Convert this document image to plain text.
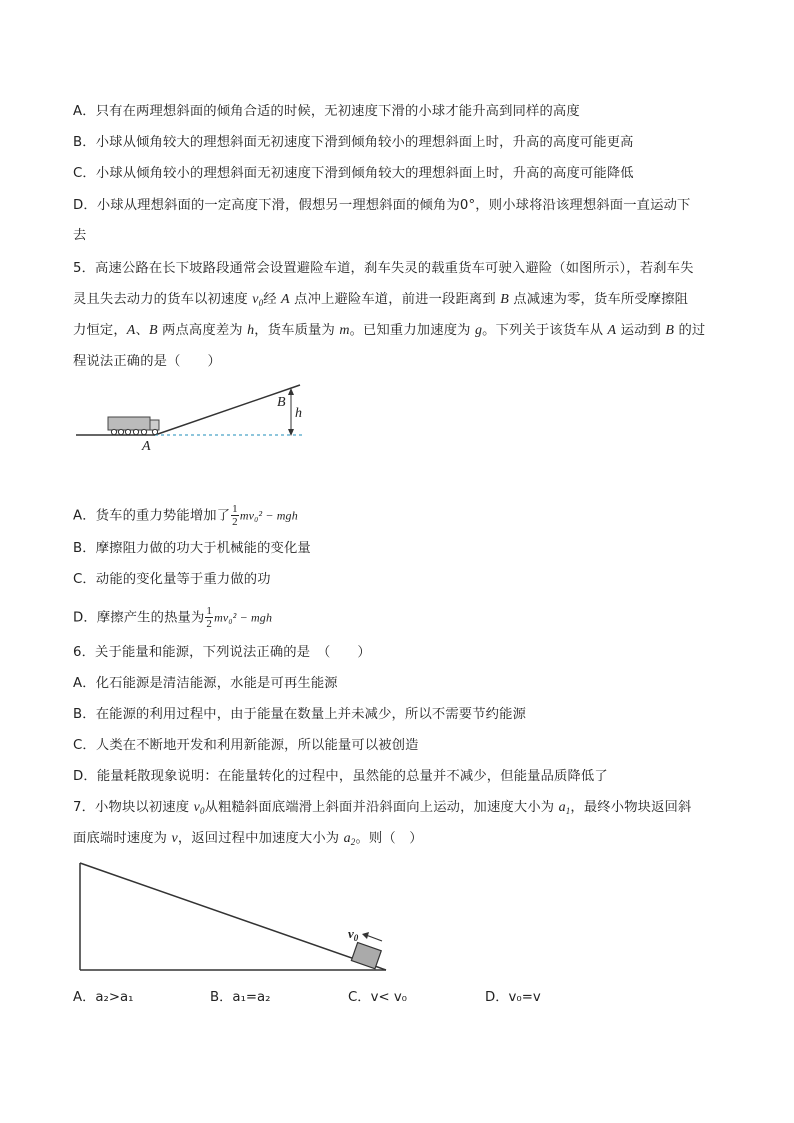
A．只有在两理想斜面的倾角合适的时候，无初速度下滑的小球才能升高到同样的高度
B．小球从倾角较大的理想斜面无初速度下滑到倾角较小的理想斜面上时，升高的高度可能更高
C．小球从倾角较小的理想斜面无初速度下滑到倾角较大的理想斜面上时，升高的高度可能降低
D．小球从理想斜面的一定高度下滑，假想另一理想斜面的倾角为0°，则小球将沿该理想斜面一直运动下
去
5．高速公路在长下坡路段通常会设置避险车道，刹车失灵的载重货车可驶入避险（如图所示），若刹车失
灵且失去动力的货车以初速度 $v_0$经 A 点冲上避险车道，前进一段距离到 B 点减速为零，货车所受摩擦阻
力恒定，A、B 两点高度差为 h，货车质量为 m。已知重力加速度为 g。下列关于该货车从 A 运动到 B 的过
程说法正确的是（　　）
A
B
h
A．货车的重力势能增加了 $\frac{1}{2} mv_0^2$ − mgh
B．摩擦阻力做的功大于机械能的变化量
C．动能的变化量等于重力做的功
D．摩擦产生的热量为 $\frac{1}{2} mv_0^2$ − mgh
6．关于能量和能源，下列说法正确的是　（　　）
A．化石能源是清洁能源，水能是可再生能源
B．在能源的利用过程中，由于能量在数量上并未减少，所以不需要节约能源
C．人类在不断地开发和利用新能源，所以能量可以被创造
D．能量耗散现象说明：在能量转化的过程中，虽然能的总量并不减少，但能量品质降低了
7．小物块以初速度 $v_0$从粗糙斜面底端滑上斜面并沿斜面向上运动，加速度大小为 $a_1$，最终小物块返回斜
面底端时速度为 v，返回过程中加速度大小为 $a_2$。则（　）
$v_0$
A．a₂>a₁	B．a₁=a₂	C．v< v₀	D．v₀=v
